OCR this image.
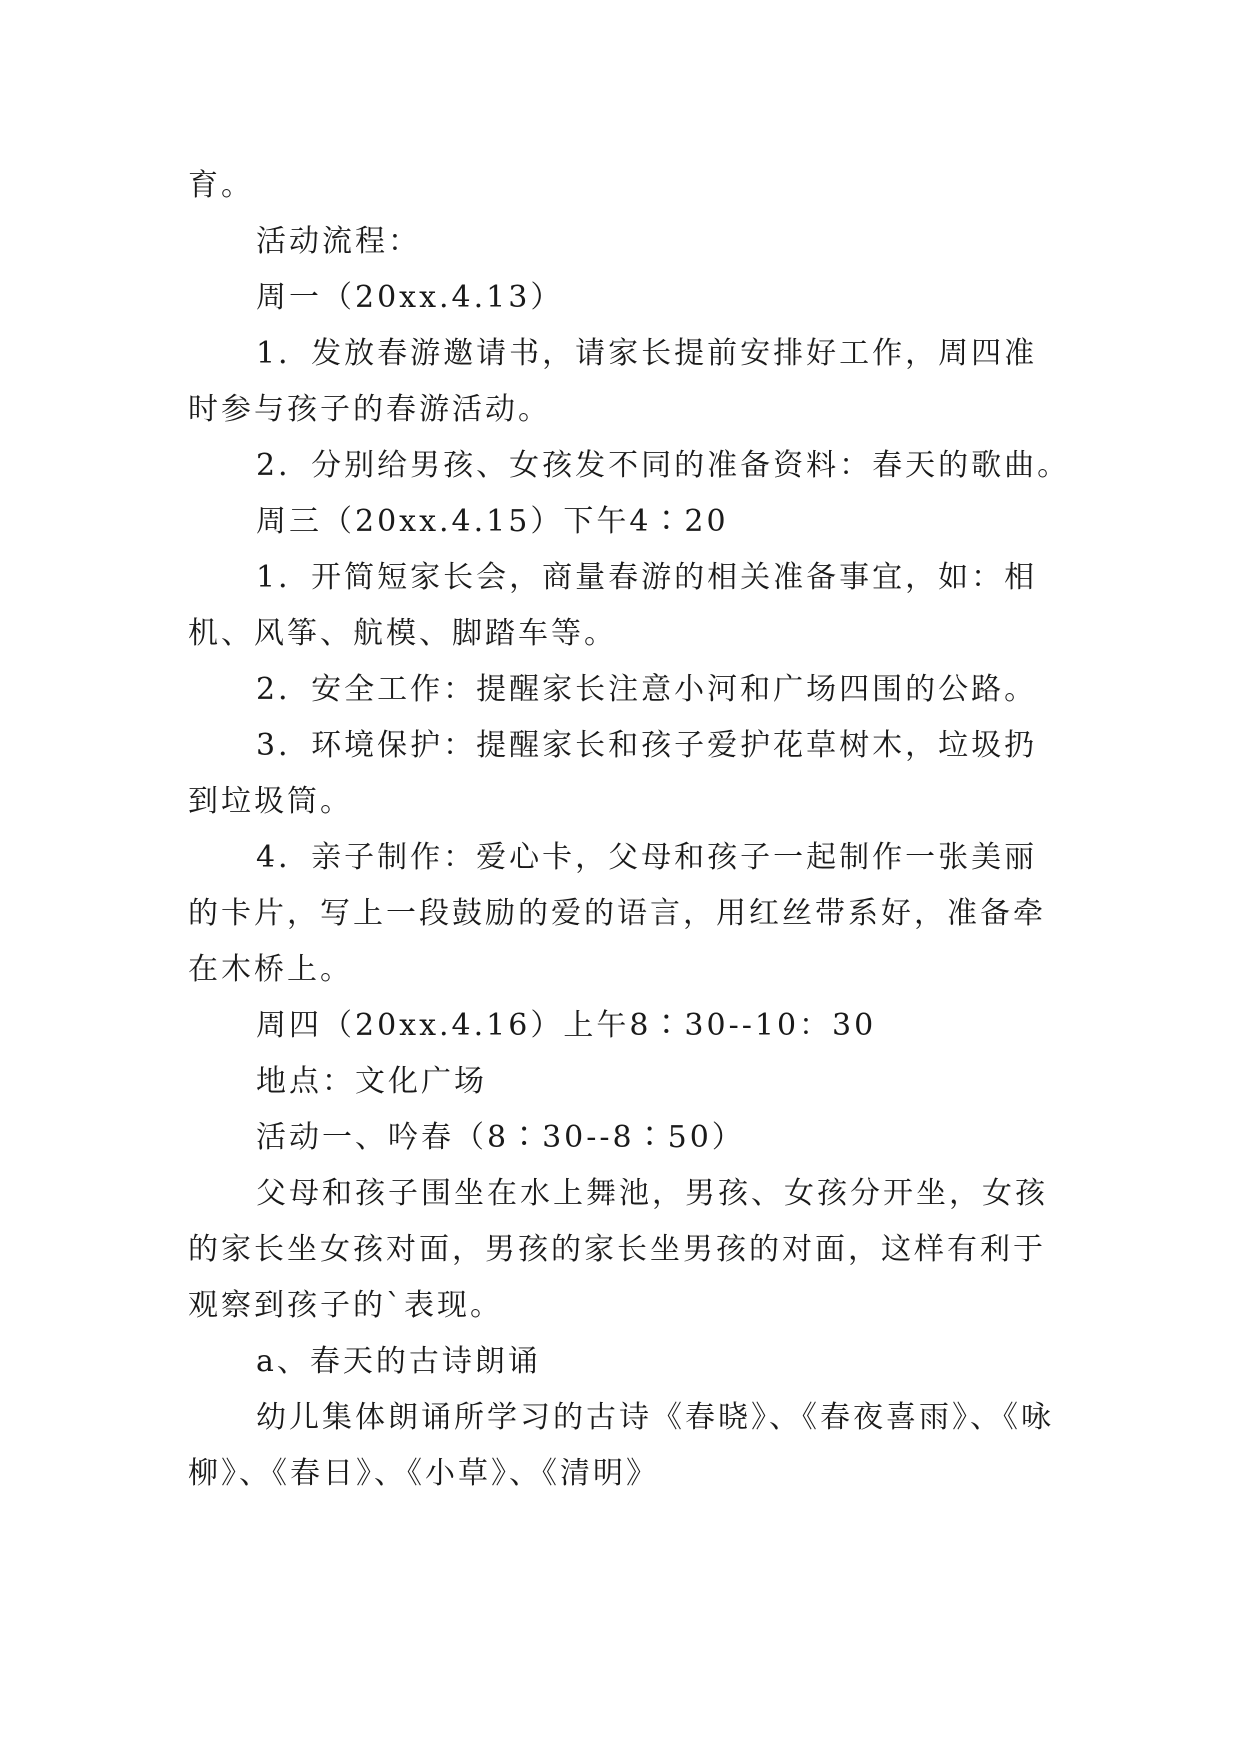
育。
活动流程：
周一（20xx.4.13）
1．发放春游邀请书，请家长提前安排好工作，周四准
时参与孩子的春游活动。
2．分别给男孩、女孩发不同的准备资料：春天的歌曲。
周三（20xx.4.15）下午4∶20
1．开简短家长会，商量春游的相关准备事宜，如：相
机、风筝、航模、脚踏车等。
2．安全工作：提醒家长注意小河和广场四围的公路。
3．环境保护：提醒家长和孩子爱护花草树木，垃圾扔
到垃圾筒。
4．亲子制作：爱心卡，父母和孩子一起制作一张美丽
的卡片，写上一段鼓励的爱的语言，用红丝带系好，准备牵
在木桥上。
周四（20xx.4.16）上午8∶30--10：30
地点：文化广场
活动一、吟春（8∶30--8∶50）
父母和孩子围坐在水上舞池，男孩、女孩分开坐，女孩
的家长坐女孩对面，男孩的家长坐男孩的对面，这样有利于
观察到孩子的`表现。
a、春天的古诗朗诵
幼儿集体朗诵所学习的古诗《春晓》、《春夜喜雨》、《咏
柳》、《春日》、《小草》、《清明》
